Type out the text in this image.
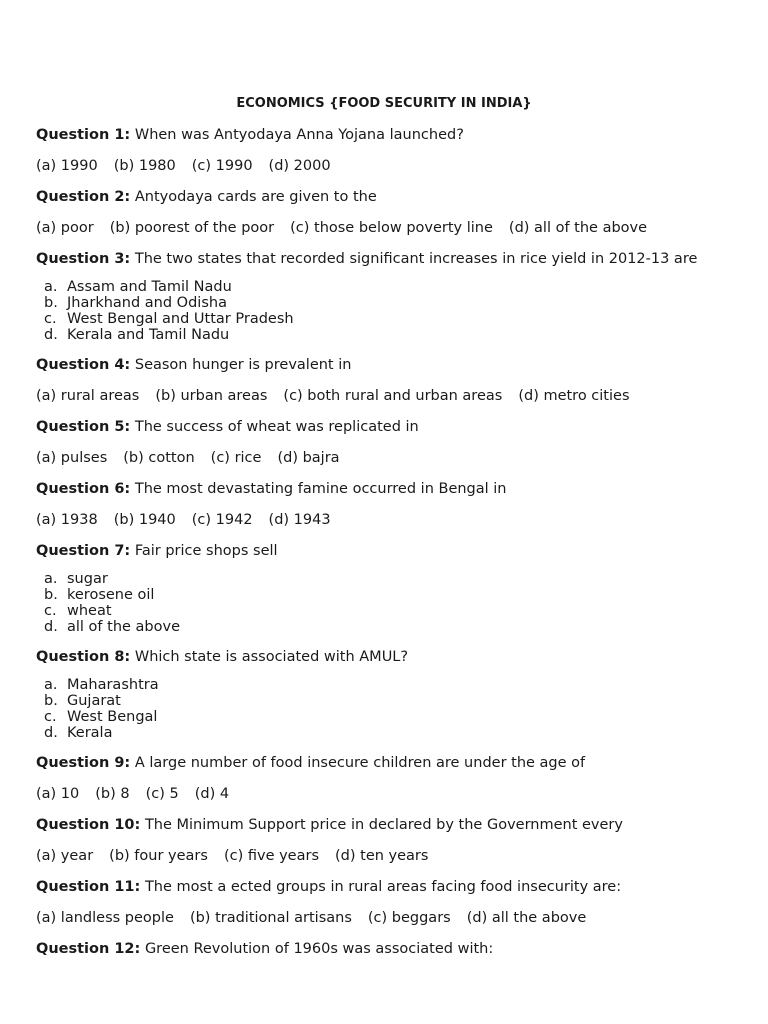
ECONOMICS {FOOD SECURITY IN INDIA}
Question 1: When was Antyodaya Anna Yojana launched?
(a) 1990 (b) 1980 (c) 1990 (d) 2000
Question 2: Antyodaya cards are given to the
(a) poor (b) poorest of the poor (c) those below poverty line (d) all of the above
Question 3: The two states that recorded significant increases in rice yield in 2012-13 are
a. Assam and Tamil Nadu
b. Jharkhand and Odisha
c. West Bengal and Uttar Pradesh
d. Kerala and Tamil Nadu
Question 4: Season hunger is prevalent in
(a) rural areas (b) urban areas (c) both rural and urban areas (d) metro cities
Question 5: The success of wheat was replicated in
(a) pulses (b) cotton (c) rice (d) bajra
Question 6: The most devastating famine occurred in Bengal in
(a) 1938 (b) 1940 (c) 1942 (d) 1943
Question 7: Fair price shops sell
a. sugar
b. kerosene oil
c. wheat
d. all of the above
Question 8: Which state is associated with AMUL?
a. Maharashtra
b. Gujarat
c. West Bengal
d. Kerala
Question 9: A large number of food insecure children are under the age of
(a) 10 (b) 8 (c) 5 (d) 4
Question 10: The Minimum Support price in declared by the Government every
(a) year (b) four years (c) five years (d) ten years
Question 11: The most a ected groups in rural areas facing food insecurity are:
(a) landless people (b) traditional artisans (c) beggars (d) all the above
Question 12: Green Revolution of 1960s was associated with:
